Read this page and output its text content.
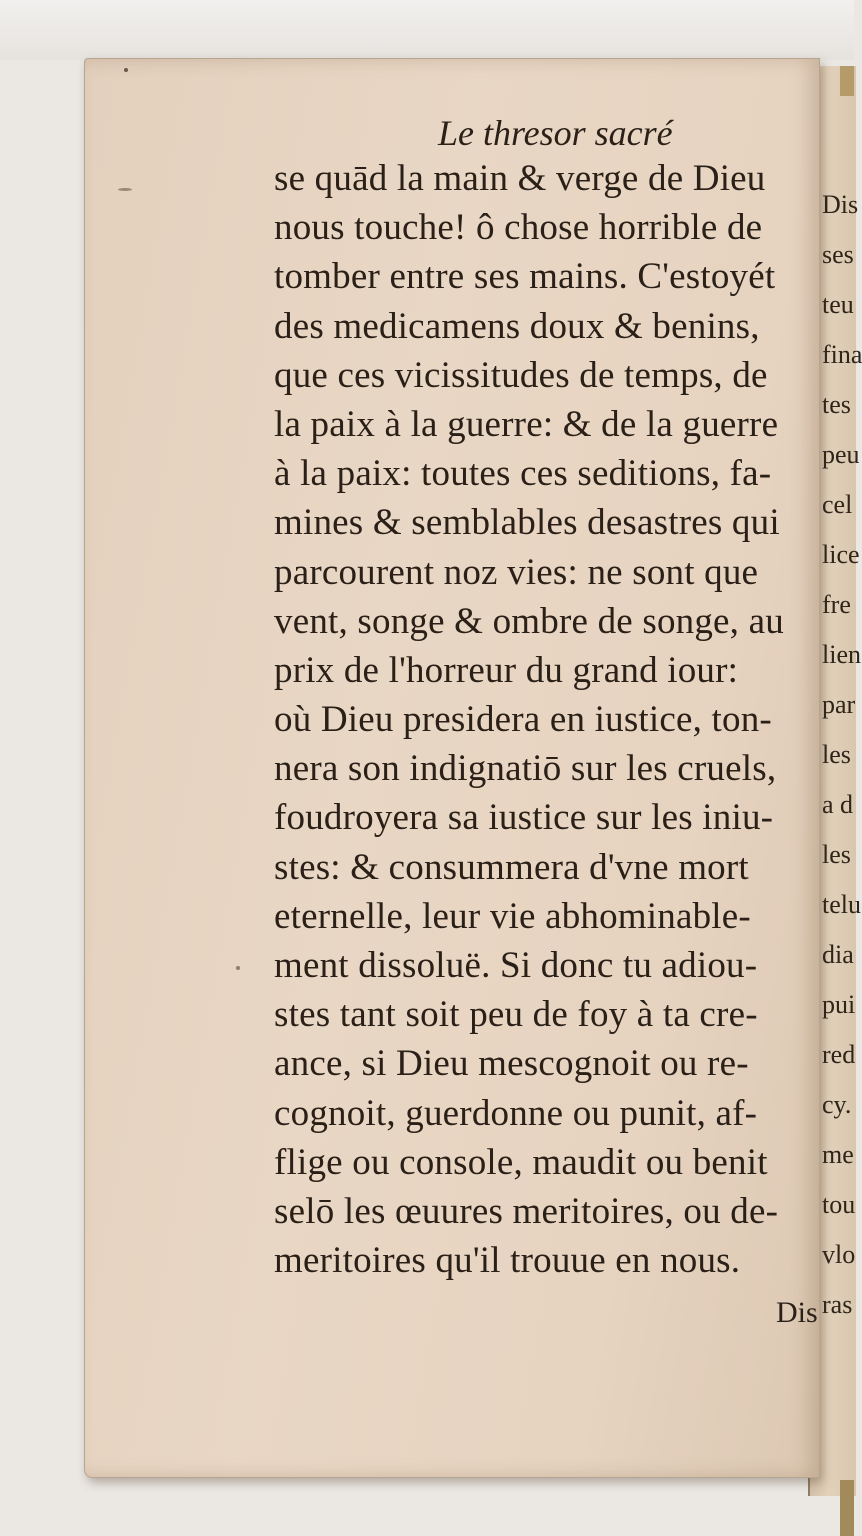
Dis
ses
teu
fina
tes
peu
cel
lice
fre
lien
par
les
a d
les
telu
dia
pui
red
cy.
me
tou
vlo
ras
Le thresor sacré
se quād la main & verge de Dieu
nous touche! ô chose horrible de
tomber entre ses mains. C'estoyét
des medicamens doux & benins,
que ces vicissitudes de temps, de
la paix à la guerre: & de la guerre
à la paix: toutes ces seditions, fa-
mines & semblables desastres qui
parcourent noz vies: ne sont que
vent, songe & ombre de songe, au
prix de l'horreur du grand iour:
où Dieu presidera en iustice, ton-
nera son indignatiō sur les cruels,
foudroyera sa iustice sur les iniu-
stes: & consummera d'vne mort
eternelle, leur vie abhominable-
ment dissoluë. Si donc tu adiou-
stes tant soit peu de foy à ta cre-
ance, si Dieu mescognoit ou re-
cognoit, guerdonne ou punit, af-
flige ou console, maudit ou benit
selō les œuures meritoires, ou de-
meritoires qu'il trouue en nous.
Dis
